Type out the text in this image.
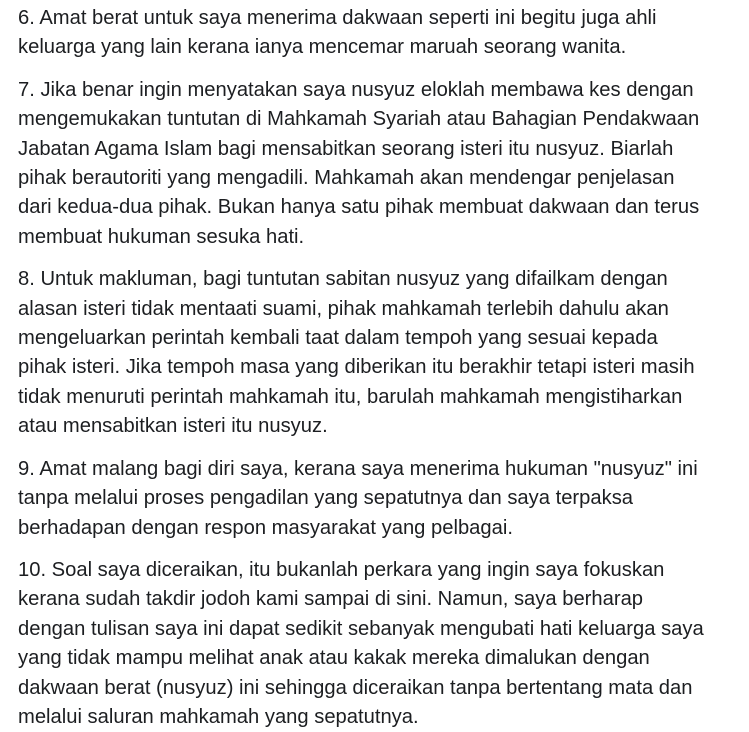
6. Amat berat untuk saya menerima dakwaan seperti ini begitu juga ahli
keluarga yang lain kerana ianya mencemar maruah seorang wanita.

7. Jika benar ingin menyatakan saya nusyuz eloklah membawa kes dengan
mengemukakan tuntutan di Mahkamah Syariah atau Bahagian Pendakwaan
Jabatan Agama Islam bagi mensabitkan seorang isteri itu nusyuz. Biarlah
pihak berautoriti yang mengadili. Mahkamah akan mendengar penjelasan
dari kedua-dua pihak. Bukan hanya satu pihak membuat dakwaan dan terus
membuat hukuman sesuka hati.

8. Untuk makluman, bagi tuntutan sabitan nusyuz yang difailkam dengan
alasan isteri tidak mentaati suami, pihak mahkamah terlebih dahulu akan
mengeluarkan perintah kembali taat dalam tempoh yang sesuai kepada
pihak isteri. Jika tempoh masa yang diberikan itu berakhir tetapi isteri masih
tidak menuruti perintah mahkamah itu, barulah mahkamah mengistiharkan
atau mensabitkan isteri itu nusyuz.

9. Amat malang bagi diri saya, kerana saya menerima hukuman "nusyuz" ini
tanpa melalui proses pengadilan yang sepatutnya dan saya terpaksa
berhadapan dengan respon masyarakat yang pelbagai.

10. Soal saya diceraikan, itu bukanlah perkara yang ingin saya fokuskan
kerana sudah takdir jodoh kami sampai di sini. Namun, saya berharap
dengan tulisan saya ini dapat sedikit sebanyak mengubati hati keluarga saya
yang tidak mampu melihat anak atau kakak mereka dimalukan dengan
dakwaan berat (nusyuz) ini sehingga diceraikan tanpa bertentang mata dan
melalui saluran mahkamah yang sepatutnya.
